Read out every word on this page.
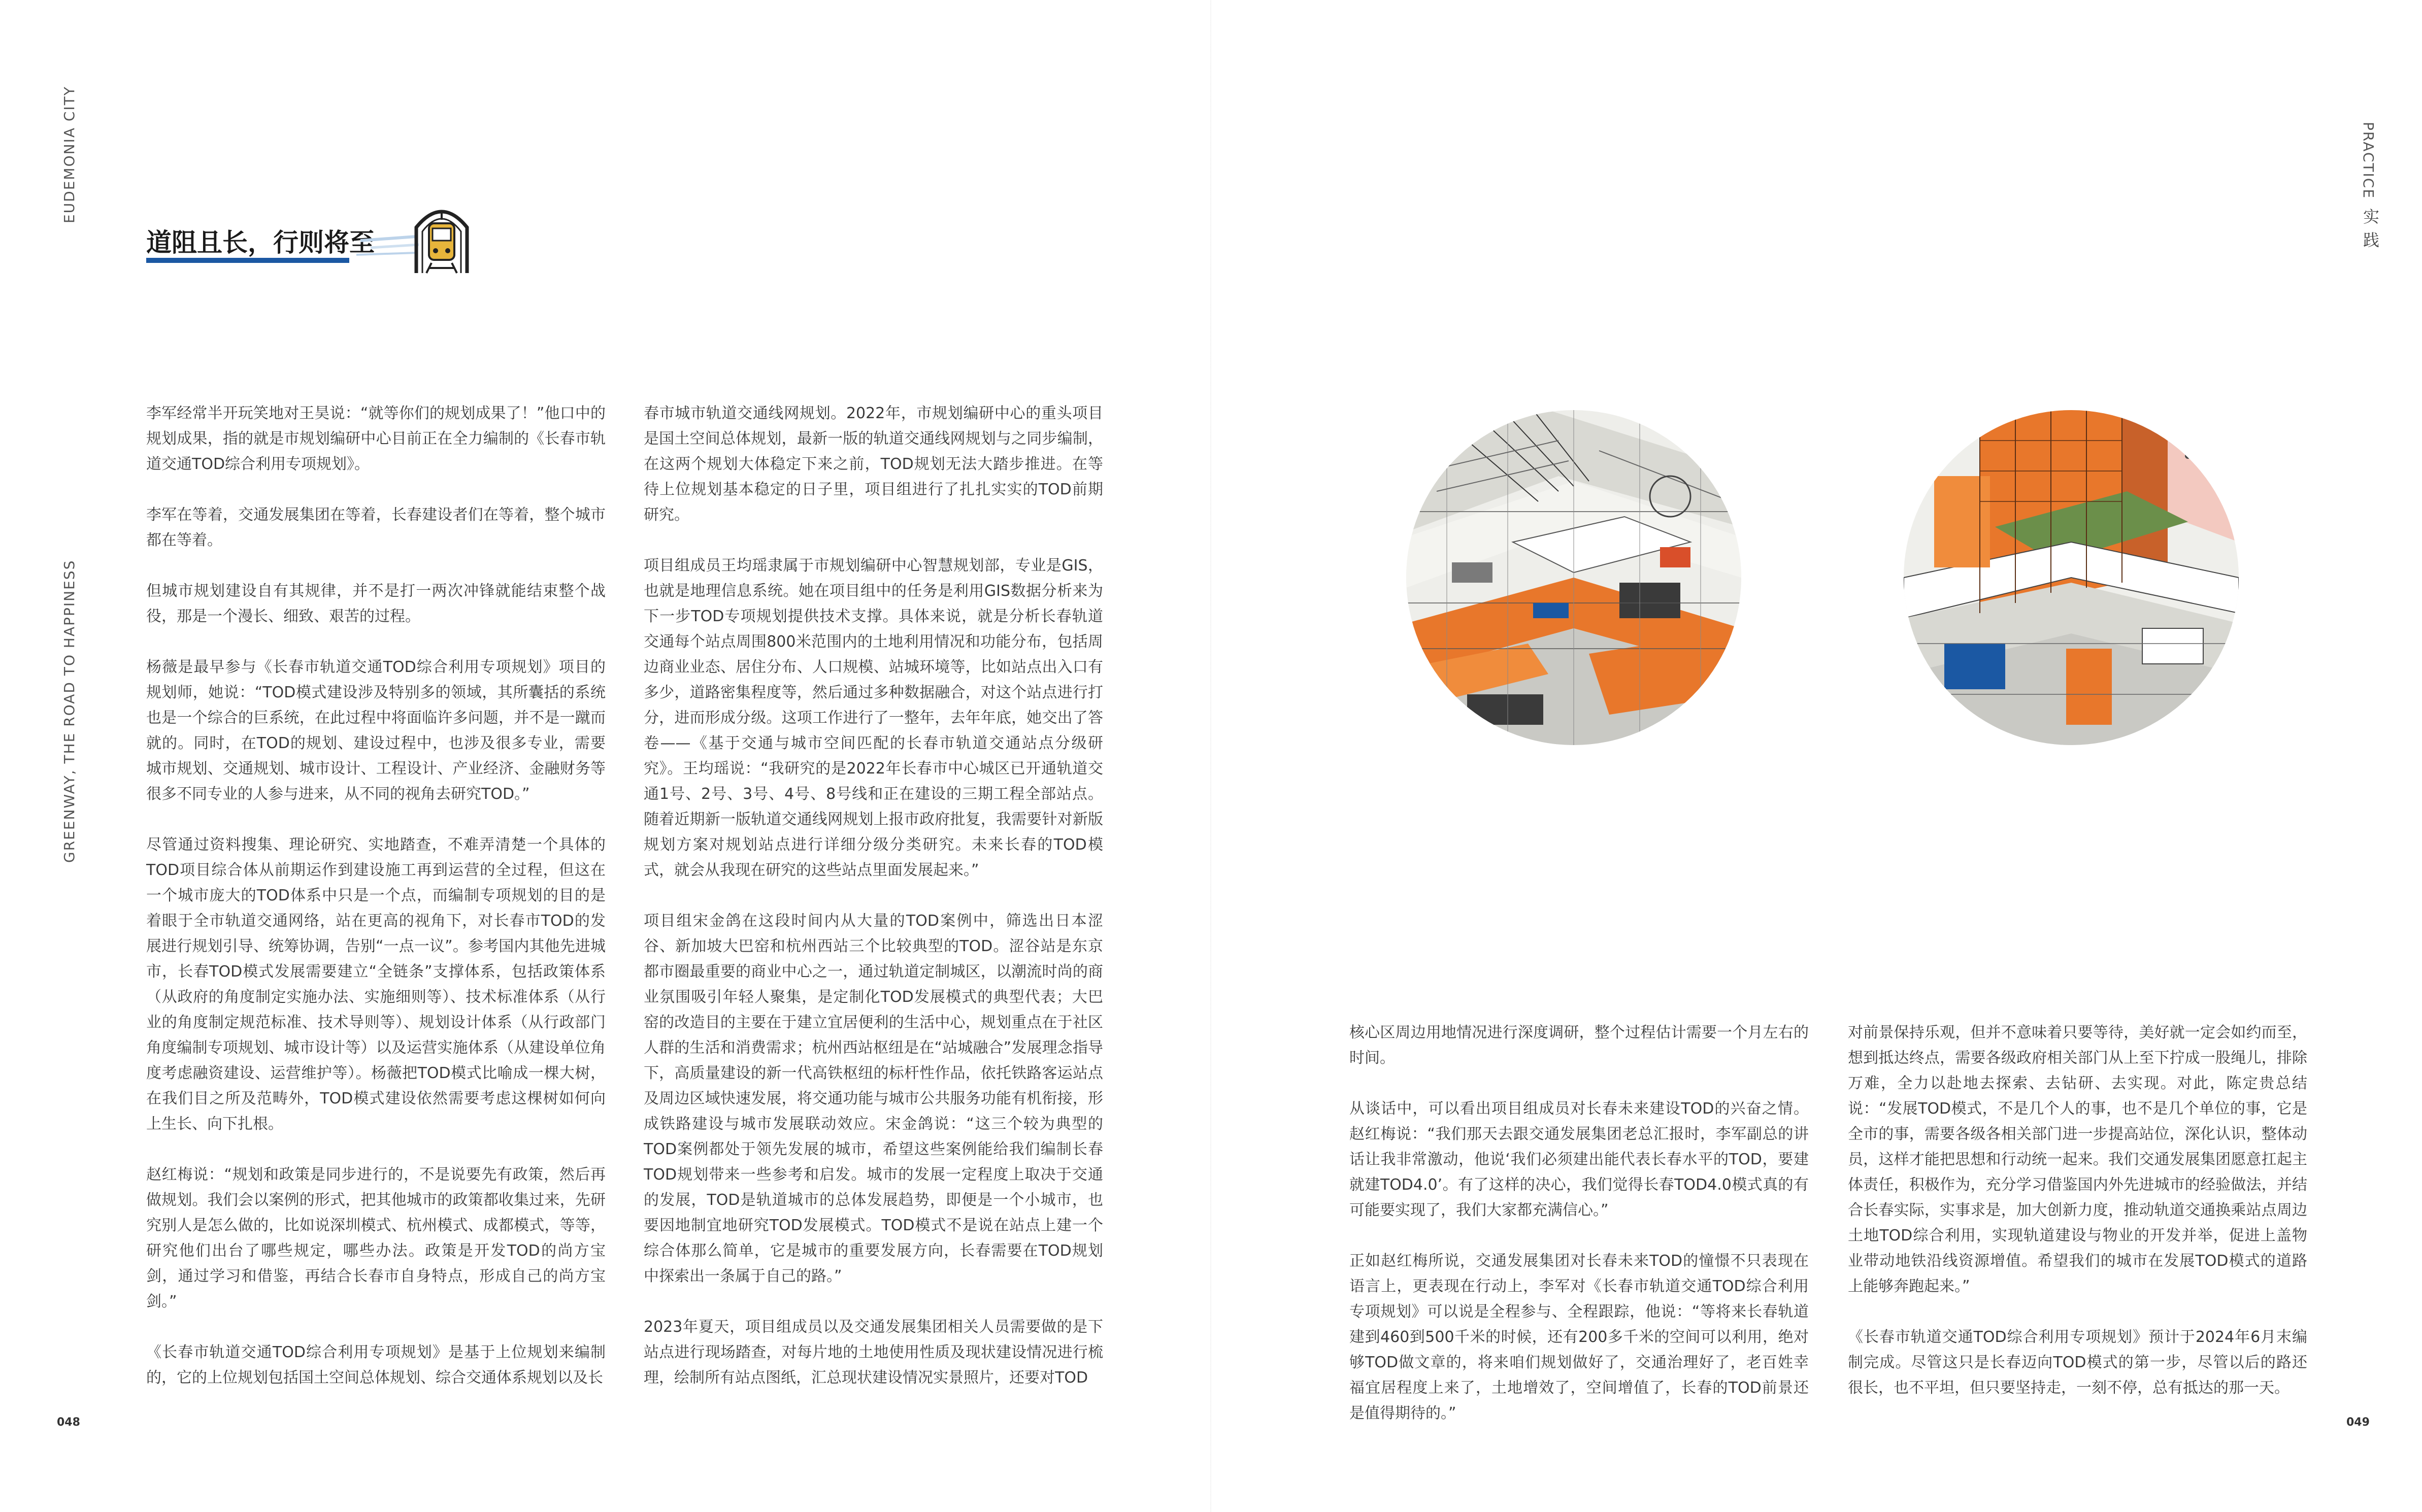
EUDEMONIA CITY
GREENWAY, THE ROAD TO HAPPINESS
道阻且长，行则将至

李军经常半开玩笑地对王昊说：“就等你们的规划成果了！”他口中的规划成果，指的就是市规划编研中心目前正在全力编制的《长春市轨道交通TOD综合利用专项规划》。

李军在等着，交通发展集团在等着，长春建设者们在等着，整个城市都在等着。

但城市规划建设自有其规律，并不是打一两次冲锋就能结束整个战役，那是一个漫长、细致、艰苦的过程。

杨薇是最早参与《长春市轨道交通TOD综合利用专项规划》项目的规划师，她说：“TOD模式建设涉及特别多的领域，其所囊括的系统也是一个综合的巨系统，在此过程中将面临许多问题，并不是一蹴而就的。同时，在TOD的规划、建设过程中，也涉及很多专业，需要城市规划、交通规划、城市设计、工程设计、产业经济、金融财务等很多不同专业的人参与进来，从不同的视角去研究TOD。”

尽管通过资料搜集、理论研究、实地踏查，不难弄清楚一个具体的TOD项目综合体从前期运作到建设施工再到运营的全过程，但这在一个城市庞大的TOD体系中只是一个点，而编制专项规划的目的是着眼于全市轨道交通网络，站在更高的视角下，对长春市TOD的发展进行规划引导、统筹协调，告别“一点一议”。参考国内其他先进城市，长春TOD模式发展需要建立“全链条”支撑体系，包括政策体系（从政府的角度制定实施办法、实施细则等）、技术标准体系（从行业的角度制定规范标准、技术导则等）、规划设计体系（从行政部门角度编制专项规划、城市设计等）以及运营实施体系（从建设单位角度考虑融资建设、运营维护等）。杨薇把TOD模式比喻成一棵大树，在我们目之所及范畴外，TOD模式建设依然需要考虑这棵树如何向上生长、向下扎根。

赵红梅说：“规划和政策是同步进行的，不是说要先有政策，然后再做规划。我们会以案例的形式，把其他城市的政策都收集过来，先研究别人是怎么做的，比如说深圳模式、杭州模式、成都模式，等等，研究他们出台了哪些规定，哪些办法。政策是开发TOD的尚方宝剑，通过学习和借鉴，再结合长春市自身特点，形成自己的尚方宝剑。”

《长春市轨道交通TOD综合利用专项规划》是基于上位规划来编制的，它的上位规划包括国土空间总体规划、综合交通体系规划以及长

春市城市轨道交通线网规划。2022年，市规划编研中心的重头项目是国土空间总体规划，最新一版的轨道交通线网规划与之同步编制，在这两个规划大体稳定下来之前，TOD规划无法大踏步推进。在等待上位规划基本稳定的日子里，项目组进行了扎扎实实的TOD前期研究。

项目组成员王均瑶隶属于市规划编研中心智慧规划部，专业是GIS，也就是地理信息系统。她在项目组中的任务是利用GIS数据分析来为下一步TOD专项规划提供技术支撑。具体来说，就是分析长春轨道交通每个站点周围800米范围内的土地利用情况和功能分布，包括周边商业业态、居住分布、人口规模、站城环境等，比如站点出入口有多少，道路密集程度等，然后通过多种数据融合，对这个站点进行打分，进而形成分级。这项工作进行了一整年，去年年底，她交出了答卷——《基于交通与城市空间匹配的长春市轨道交通站点分级研究》。王均瑶说：“我研究的是2022年长春市中心城区已开通轨道交通1号、2号、3号、4号、8号线和正在建设的三期工程全部站点。随着近期新一版轨道交通线网规划上报市政府批复，我需要针对新版规划方案对规划站点进行详细分级分类研究。未来长春的TOD模式，就会从我现在研究的这些站点里面发展起来。”

项目组宋金鸽在这段时间内从大量的TOD案例中，筛选出日本涩谷、新加坡大巴窑和杭州西站三个比较典型的TOD。涩谷站是东京都市圈最重要的商业中心之一，通过轨道定制城区，以潮流时尚的商业氛围吸引年轻人聚集，是定制化TOD发展模式的典型代表；大巴窑的改造目的主要在于建立宜居便利的生活中心，规划重点在于社区人群的生活和消费需求；杭州西站枢纽是在“站城融合”发展理念指导下，高质量建设的新一代高铁枢纽的标杆性作品，依托铁路客运站点及周边区域快速发展，将交通功能与城市公共服务功能有机衔接，形成铁路建设与城市发展联动效应。宋金鸽说：“这三个较为典型的TOD案例都处于领先发展的城市，希望这些案例能给我们编制长春TOD规划带来一些参考和启发。城市的发展一定程度上取决于交通的发展，TOD是轨道城市的总体发展趋势，即便是一个小城市，也要因地制宜地研究TOD发展模式。TOD模式不是说在站点上建一个综合体那么简单，它是城市的重要发展方向，长春需要在TOD规划中探索出一条属于自己的路。”

2023年夏天，项目组成员以及交通发展集团相关人员需要做的是下站点进行现场踏查，对每片地的土地使用性质及现状建设情况进行梳理，绘制所有站点图纸，汇总现状建设情况实景照片，还要对TOD

048
PRACTICE
实践

核心区周边用地情况进行深度调研，整个过程估计需要一个月左右的时间。

从谈话中，可以看出项目组成员对长春未来建设TOD的兴奋之情。赵红梅说：“我们那天去跟交通发展集团老总汇报时，李军副总的讲话让我非常激动，他说‘我们必须建出能代表长春水平的TOD，要建就建TOD4.0’。有了这样的决心，我们觉得长春TOD4.0模式真的有可能要实现了，我们大家都充满信心。”

正如赵红梅所说，交通发展集团对长春未来TOD的憧憬不只表现在语言上，更表现在行动上，李军对《长春市轨道交通TOD综合利用专项规划》可以说是全程参与、全程跟踪，他说：“等将来长春轨道建到460到500千米的时候，还有200多千米的空间可以利用，绝对够TOD做文章的，将来咱们规划做好了，交通治理好了，老百姓幸福宜居程度上来了，土地增效了，空间增值了，长春的TOD前景还是值得期待的。”

对前景保持乐观，但并不意味着只要等待，美好就一定会如约而至，想到抵达终点，需要各级政府相关部门从上至下拧成一股绳儿，排除万难，全力以赴地去探索、去钻研、去实现。对此，陈定贵总结说：“发展TOD模式，不是几个人的事，也不是几个单位的事，它是全市的事，需要各级各相关部门进一步提高站位，深化认识，整体动员，这样才能把思想和行动统一起来。我们交通发展集团愿意扛起主体责任，积极作为，充分学习借鉴国内外先进城市的经验做法，并结合长春实际，实事求是，加大创新力度，推动轨道交通换乘站点周边土地TOD综合利用，实现轨道建设与物业的开发并举，促进上盖物业带动地铁沿线资源增值。希望我们的城市在发展TOD模式的道路上能够奔跑起来。”

《长春市轨道交通TOD综合利用专项规划》预计于2024年6月末编制完成。尽管这只是长春迈向TOD模式的第一步，尽管以后的路还很长，也不平坦，但只要坚持走，一刻不停，总有抵达的那一天。

049
